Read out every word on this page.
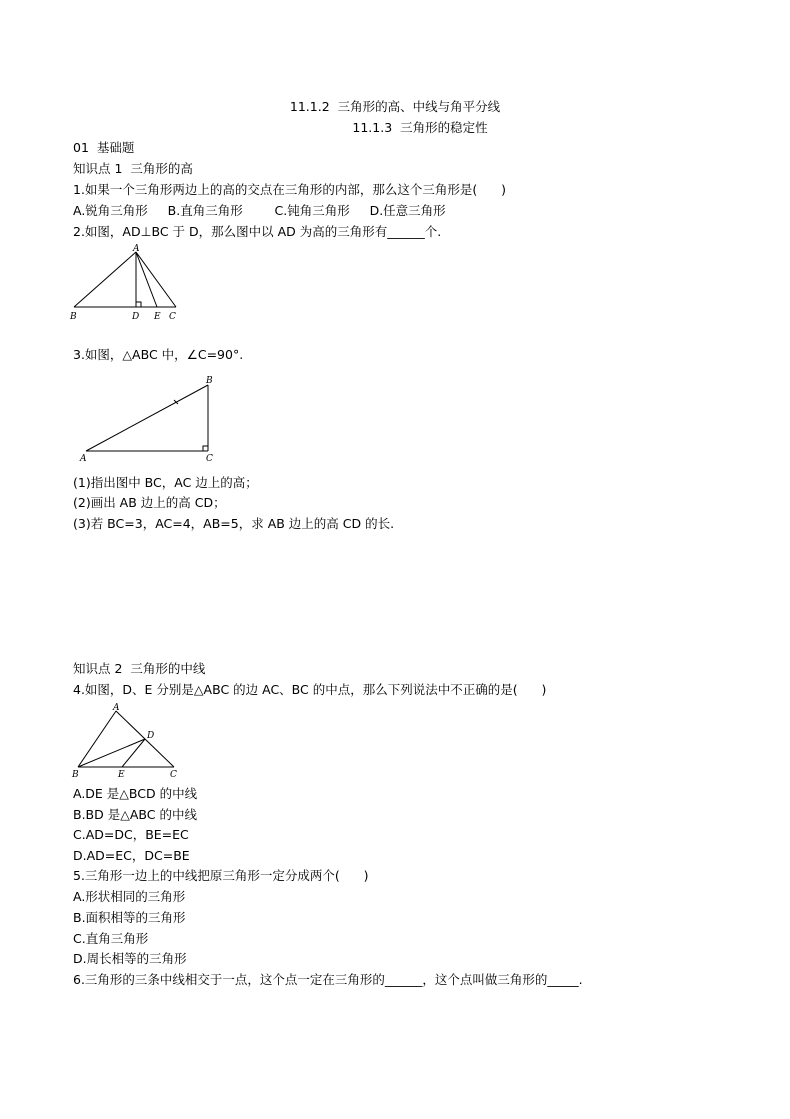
11.1.2  三角形的高、中线与角平分线
11.1.3  三角形的稳定性
01  基础题
知识点 1  三角形的高
1.如果一个三角形两边上的高的交点在三角形的内部，那么这个三角形是(      )
A.锐角三角形     B.直角三角形        C.钝角三角形     D.任意三角形
2.如图，AD⊥BC 于 D，那么图中以 AD 为高的三角形有______个.
A
B	D E C
3.如图，△ABC 中，∠C=90°.
B
A	C
(1)指出图中 BC，AC 边上的高；
(2)画出 AB 边上的高 CD；
(3)若 BC=3，AC=4，AB=5，求 AB 边上的高 CD 的长.
知识点 2  三角形的中线
4.如图，D、E 分别是△ABC 的边 AC、BC 的中点，那么下列说法中不正确的是(      )
A
D
B	E	C
A.DE 是△BCD 的中线
B.BD 是△ABC 的中线
C.AD=DC，BE=EC
D.AD=EC，DC=BE
5.三角形一边上的中线把原三角形一定分成两个(      )
A.形状相同的三角形
B.面积相等的三角形
C.直角三角形
D.周长相等的三角形
6.三角形的三条中线相交于一点，这个点一定在三角形的______，这个点叫做三角形的_____.
